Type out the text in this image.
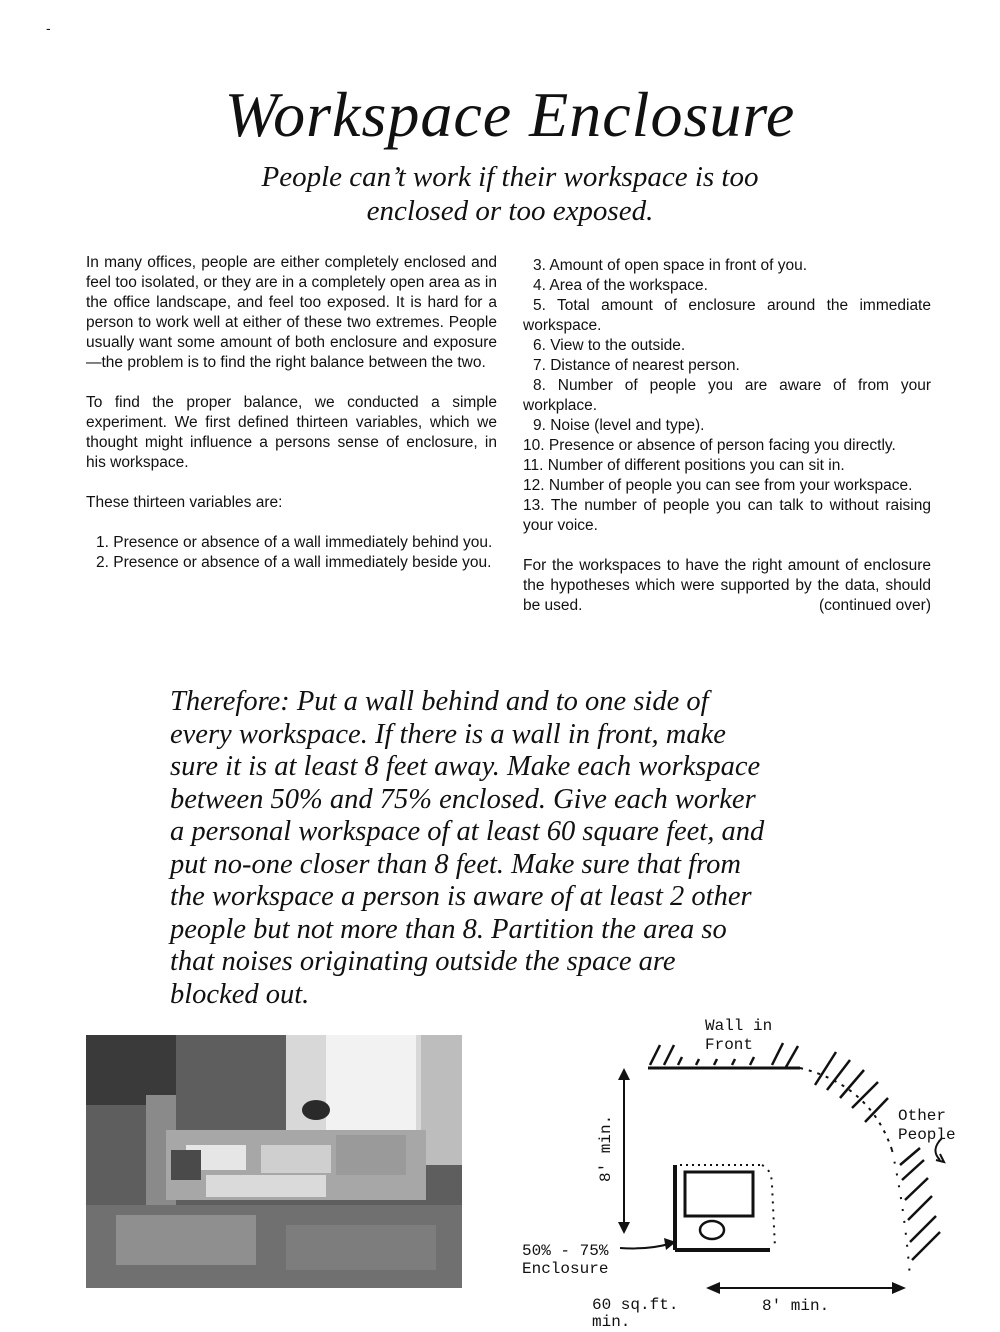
-
Workspace Enclosure
People can’t work if their workspace is too
enclosed or too exposed.

In many offices, people are either completely enclosed and feel too isolated, or they are in a completely open area as in the office landscape, and feel too exposed. It is hard for a person to work well at either of these two extremes. People usually want some amount of both enclosure and exposure—the problem is to find the right balance between the two.

To find the proper balance, we conducted a simple experiment. We first defined thirteen variables, which we thought might influence a persons sense of enclosure, in his workspace.

These thirteen variables are:

1. Presence or absence of a wall immediately behind you.

2. Presence or absence of a wall immediately beside you.

3. Amount of open space in front of you.

4. Area of the workspace.

5. Total amount of enclosure around the immediate workspace.

6. View to the outside.

7. Distance of nearest person.

8. Number of people you are aware of from your workplace.

9. Noise (level and type).

10. Presence or absence of person facing you directly.

11. Number of different positions you can sit in.

12. Number of people you can see from your workspace.

13. The number of people you can talk to without raising your voice.

For the workspaces to have the right amount of enclosure the hypotheses which were supported by the data, should be used.	(continued over)

Therefore: Put a wall behind and to one side of
every workspace. If there is a wall in front, make
sure it is at least 8 feet away. Make each workspace
between 50% and 75% enclosed. Give each worker
a personal workspace of at least 60 square feet, and
put no-one closer than 8 feet. Make sure that from
the workspace a person is aware of at least 2 other
people but not more than 8. Partition the area so
that noises originating outside the space are
blocked out.
8' min.
Wall in
Front
Other
People
50% - 75%
Enclosure
60 sq.ft.
min.
8' min.
